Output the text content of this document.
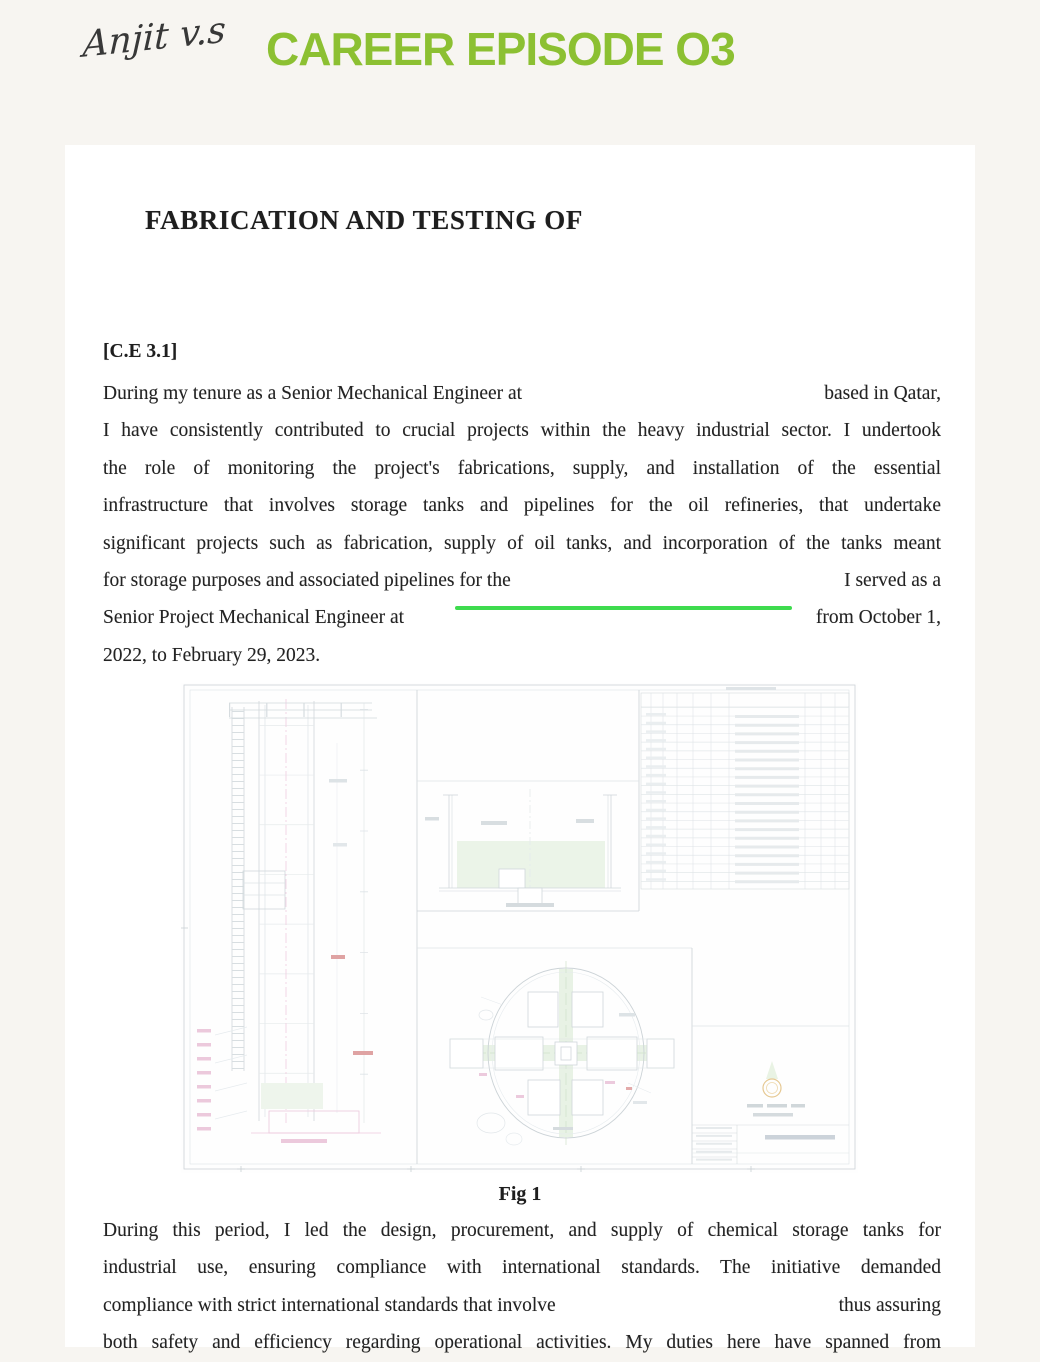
Anjit v.s CAREER EPISODE O3
FABRICATION AND TESTING OF
[C.E 3.1]
During my tenure as a Senior Mechanical Engineer at	based in Qatar,
I have consistently contributed to crucial projects within the heavy industrial sector. I undertook
the role of monitoring the project's fabrications, supply, and installation of the essential
infrastructure that involves storage tanks and pipelines for the oil refineries, that undertake
significant projects such as fabrication, supply of oil tanks, and incorporation of the tanks meant
for storage purposes and associated pipelines for the	I served as a
Senior Project Mechanical Engineer at	from October 1,
2022, to February 29, 2023.
Fig 1
During this period, I led the design, procurement, and supply of chemical storage tanks for
industrial use, ensuring compliance with international standards. The initiative demanded
compliance with strict international standards that involve	thus assuring
both safety and efficiency regarding operational activities. My duties here have spanned from
